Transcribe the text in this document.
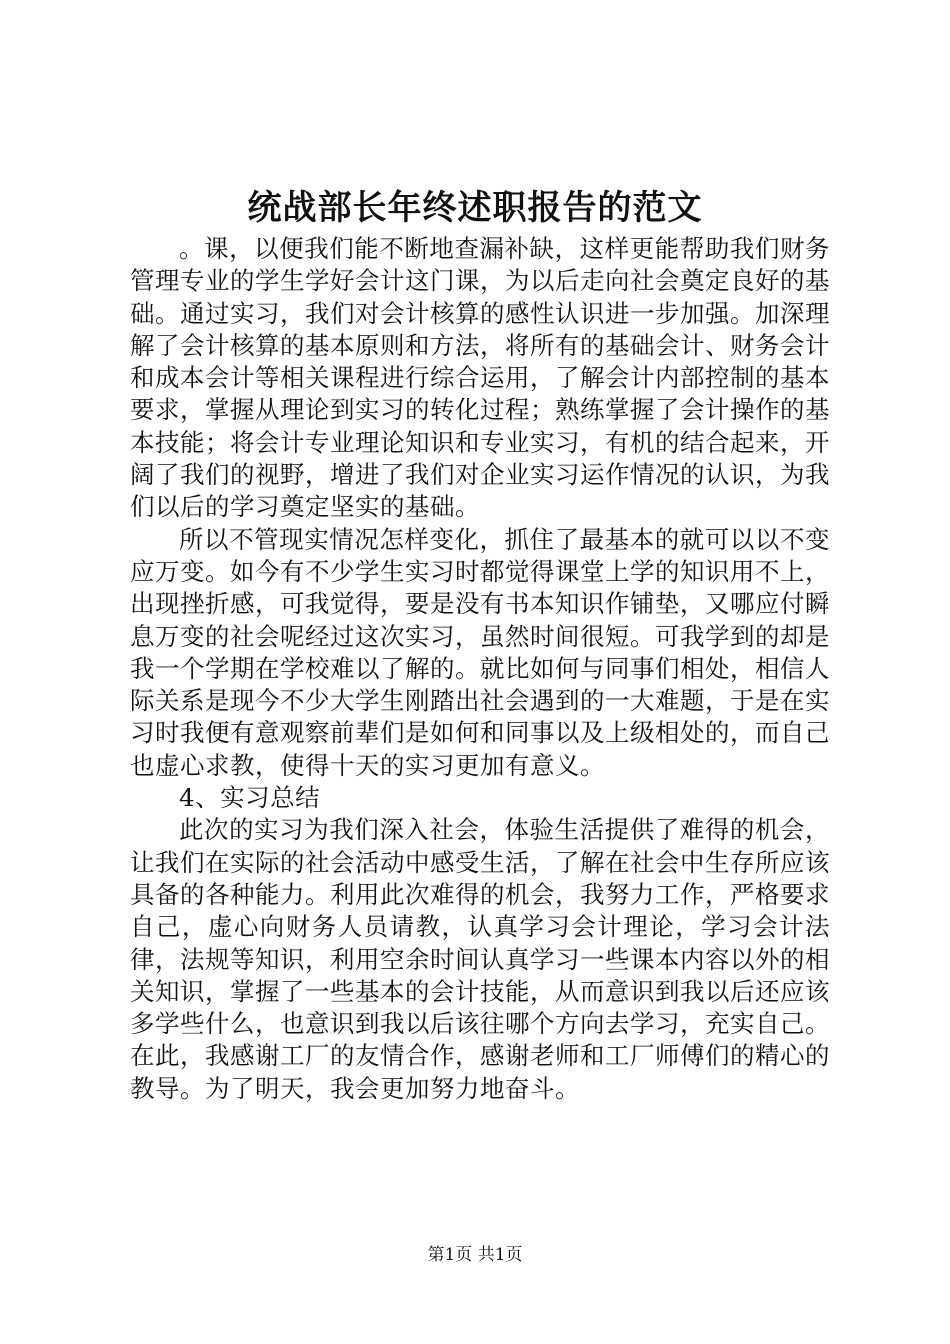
统战部长年终述职报告的范文

。课，以便我们能不断地查漏补缺，这样更能帮助我们财务管理专业的学生学好会计这门课，为以后走向社会奠定良好的基础。通过实习，我们对会计核算的感性认识进一步加强。加深理解了会计核算的基本原则和方法，将所有的基础会计、财务会计和成本会计等相关课程进行综合运用，了解会计内部控制的基本要求，掌握从理论到实习的转化过程；熟练掌握了会计操作的基本技能；将会计专业理论知识和专业实习，有机的结合起来，开阔了我们的视野，增进了我们对企业实习运作情况的认识，为我们以后的学习奠定坚实的基础。

所以不管现实情况怎样变化，抓住了最基本的就可以以不变应万变。如今有不少学生实习时都觉得课堂上学的知识用不上，出现挫折感，可我觉得，要是没有书本知识作铺垫，又哪应付瞬息万变的社会呢经过这次实习，虽然时间很短。可我学到的却是我一个学期在学校难以了解的。就比如何与同事们相处，相信人际关系是现今不少大学生刚踏出社会遇到的一大难题，于是在实习时我便有意观察前辈们是如何和同事以及上级相处的，而自己也虚心求教，使得十天的实习更加有意义。

4、实习总结

此次的实习为我们深入社会，体验生活提供了难得的机会，让我们在实际的社会活动中感受生活，了解在社会中生存所应该具备的各种能力。利用此次难得的机会，我努力工作，严格要求自己，虚心向财务人员请教，认真学习会计理论，学习会计法律，法规等知识，利用空余时间认真学习一些课本内容以外的相关知识，掌握了一些基本的会计技能，从而意识到我以后还应该多学些什么，也意识到我以后该往哪个方向去学习，充实自己。在此，我感谢工厂的友情合作，感谢老师和工厂师傅们的精心的教导。为了明天，我会更加努力地奋斗。

第1页 共1页
